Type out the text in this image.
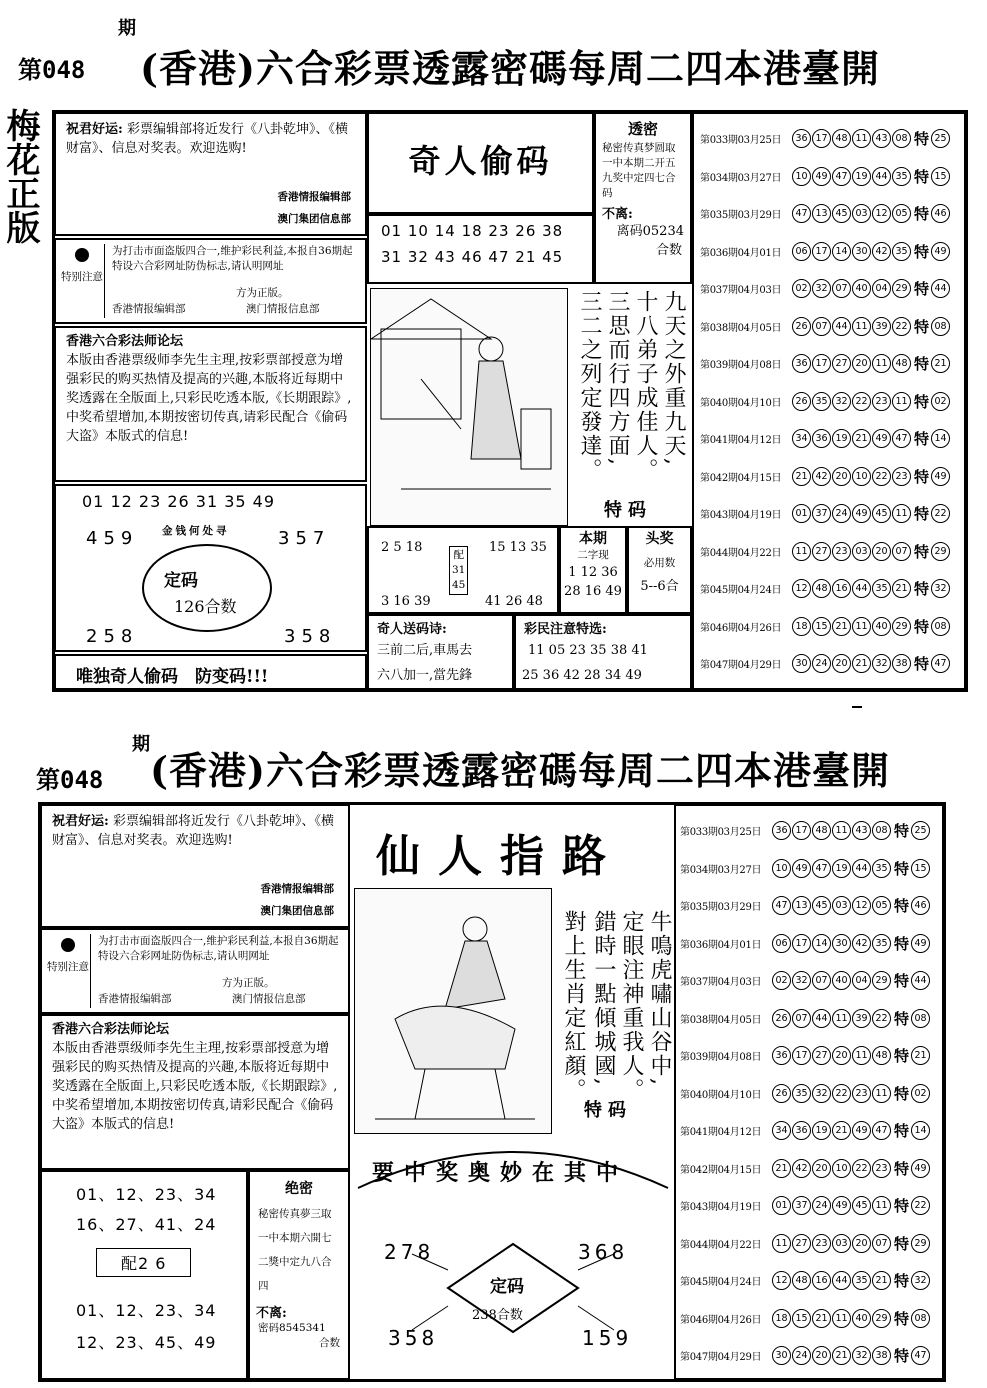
第048
期
(香港)六合彩票透露密碼每周二四本港臺開
梅花正版	祝君好运: 彩票编辑部将近发行《八卦乾坤》、《横财富》、信息对奖表。欢迎选购!
香港情报编辑部
澳门集团信息部
特别注意
为打击市面盗版四合一,维护彩民利益,本报自36期起特设六合彩网址防伪标志,请认明网址
方为正版。
香港情报编辑部	澳门情报信息部
香港六合彩法师论坛
本版由香港票级师李先生主理,按彩票部授意为增强彩民的购买热情及提高的兴趣,本版将近每期中奖透露在全版面上,只彩民吃透本版,《长期跟踪》,中奖希望增加,本期按密切传真,请彩民配合《偷码大盗》本版式的信息!
01 12 23 26 31 35 49
459	357
金钱何处寻
定码
126合数
258	358
唯独奇人偷码　防变码!!!
奇人偷码
01 10 14 18 23 26 38
31 32 43 46 47 21 45
透密
秘密传真梦圆取一中本期二开五九奖中定四七合码
不离:
离码05234
合数
九天之外重九天,
十八弟子成佳人。
三思而行四方面,
三二之列定發達。
特码
2 5 18	15 13 35
配
31
45
3 16 39	41 26 48
本期
二字现
1 12 36
28 16 49
头奖
必用数
5--6合
奇人送码诗:
三前二后,車馬去
六八加一,當先鋒
彩民注意特选:
11 05 23 35 38 41
25 36 42 28 34 49
第033期03月25日	36 17 48 11 43 08 特 25
第034期03月27日	10 49 47 19 44 35 特 15
第035期03月29日	47 13 45 03 12 05 特 46
第036期04月01日	06 17 14 30 42 35 特 49
第037期04月03日	02 32 07 40 04 29 特 44
第038期04月05日	26 07 44 11 39 22 特 08
第039期04月08日	36 17 27 20 11 48 特 21
第040期04月10日	26 35 32 22 23 11 特 02
第041期04月12日	34 36 19 21 49 47 特 14
第042期04月15日	21 42 20 10 22 23 特 49
第043期04月19日	01 37 24 49 45 11 特 22
第044期04月22日	11 27 23 03 20 07 特 29
第045期04月24日	12 48 16 44 35 21 特 32
第046期04月26日	18 15 21 11 40 29 特 08
第047期04月29日	30 24 20 21 32 38 特 47
第048
期
(香港)六合彩票透露密碼每周二四本港臺開
祝君好运: 彩票编辑部将近发行《八卦乾坤》、《横财富》、信息对奖表。欢迎选购!
香港情报编辑部
澳门集团信息部
特别注意
为打击市面盗版四合一,维护彩民利益,本报自36期起特设六合彩网址防伪标志,请认明网址
方为正版。
香港情报编辑部	澳门情报信息部
香港六合彩法师论坛
本版由香港票级师李先生主理,按彩票部授意为增强彩民的购买热情及提高的兴趣,本版将近每期中奖透露在全版面上,只彩民吃透本版,《长期跟踪》,中奖希望增加,本期按密切传真,请彩民配合《偷码大盗》本版式的信息!
01、12、23、34
16、27、41、24
配2 6
01、12、23、34
12、23、45、49
绝密
秘密传真夢三取一中本期六開七二獎中定九八合四
不离:
密码8545341
合数
仙人指路
牛鳴虎嘯山谷中,
定眼注神重我人。
錯時一點傾城國,
對上生肖定紅顏。
特码
要中奖奥妙在其中
278	368
定码
238合数
358	159
第033期03月25日	36 17 48 11 43 08 特 25
第034期03月27日	10 49 47 19 44 35 特 15
第035期03月29日	47 13 45 03 12 05 特 46
第036期04月01日	06 17 14 30 42 35 特 49
第037期04月03日	02 32 07 40 04 29 特 44
第038期04月05日	26 07 44 11 39 22 特 08
第039期04月08日	36 17 27 20 11 48 特 21
第040期04月10日	26 35 32 22 23 11 特 02
第041期04月12日	34 36 19 21 49 47 特 14
第042期04月15日	21 42 20 10 22 23 特 49
第043期04月19日	01 37 24 49 45 11 特 22
第044期04月22日	11 27 23 03 20 07 特 29
第045期04月24日	12 48 16 44 35 21 特 32
第046期04月26日	18 15 21 11 40 29 特 08
第047期04月29日	30 24 20 21 32 38 特 47
